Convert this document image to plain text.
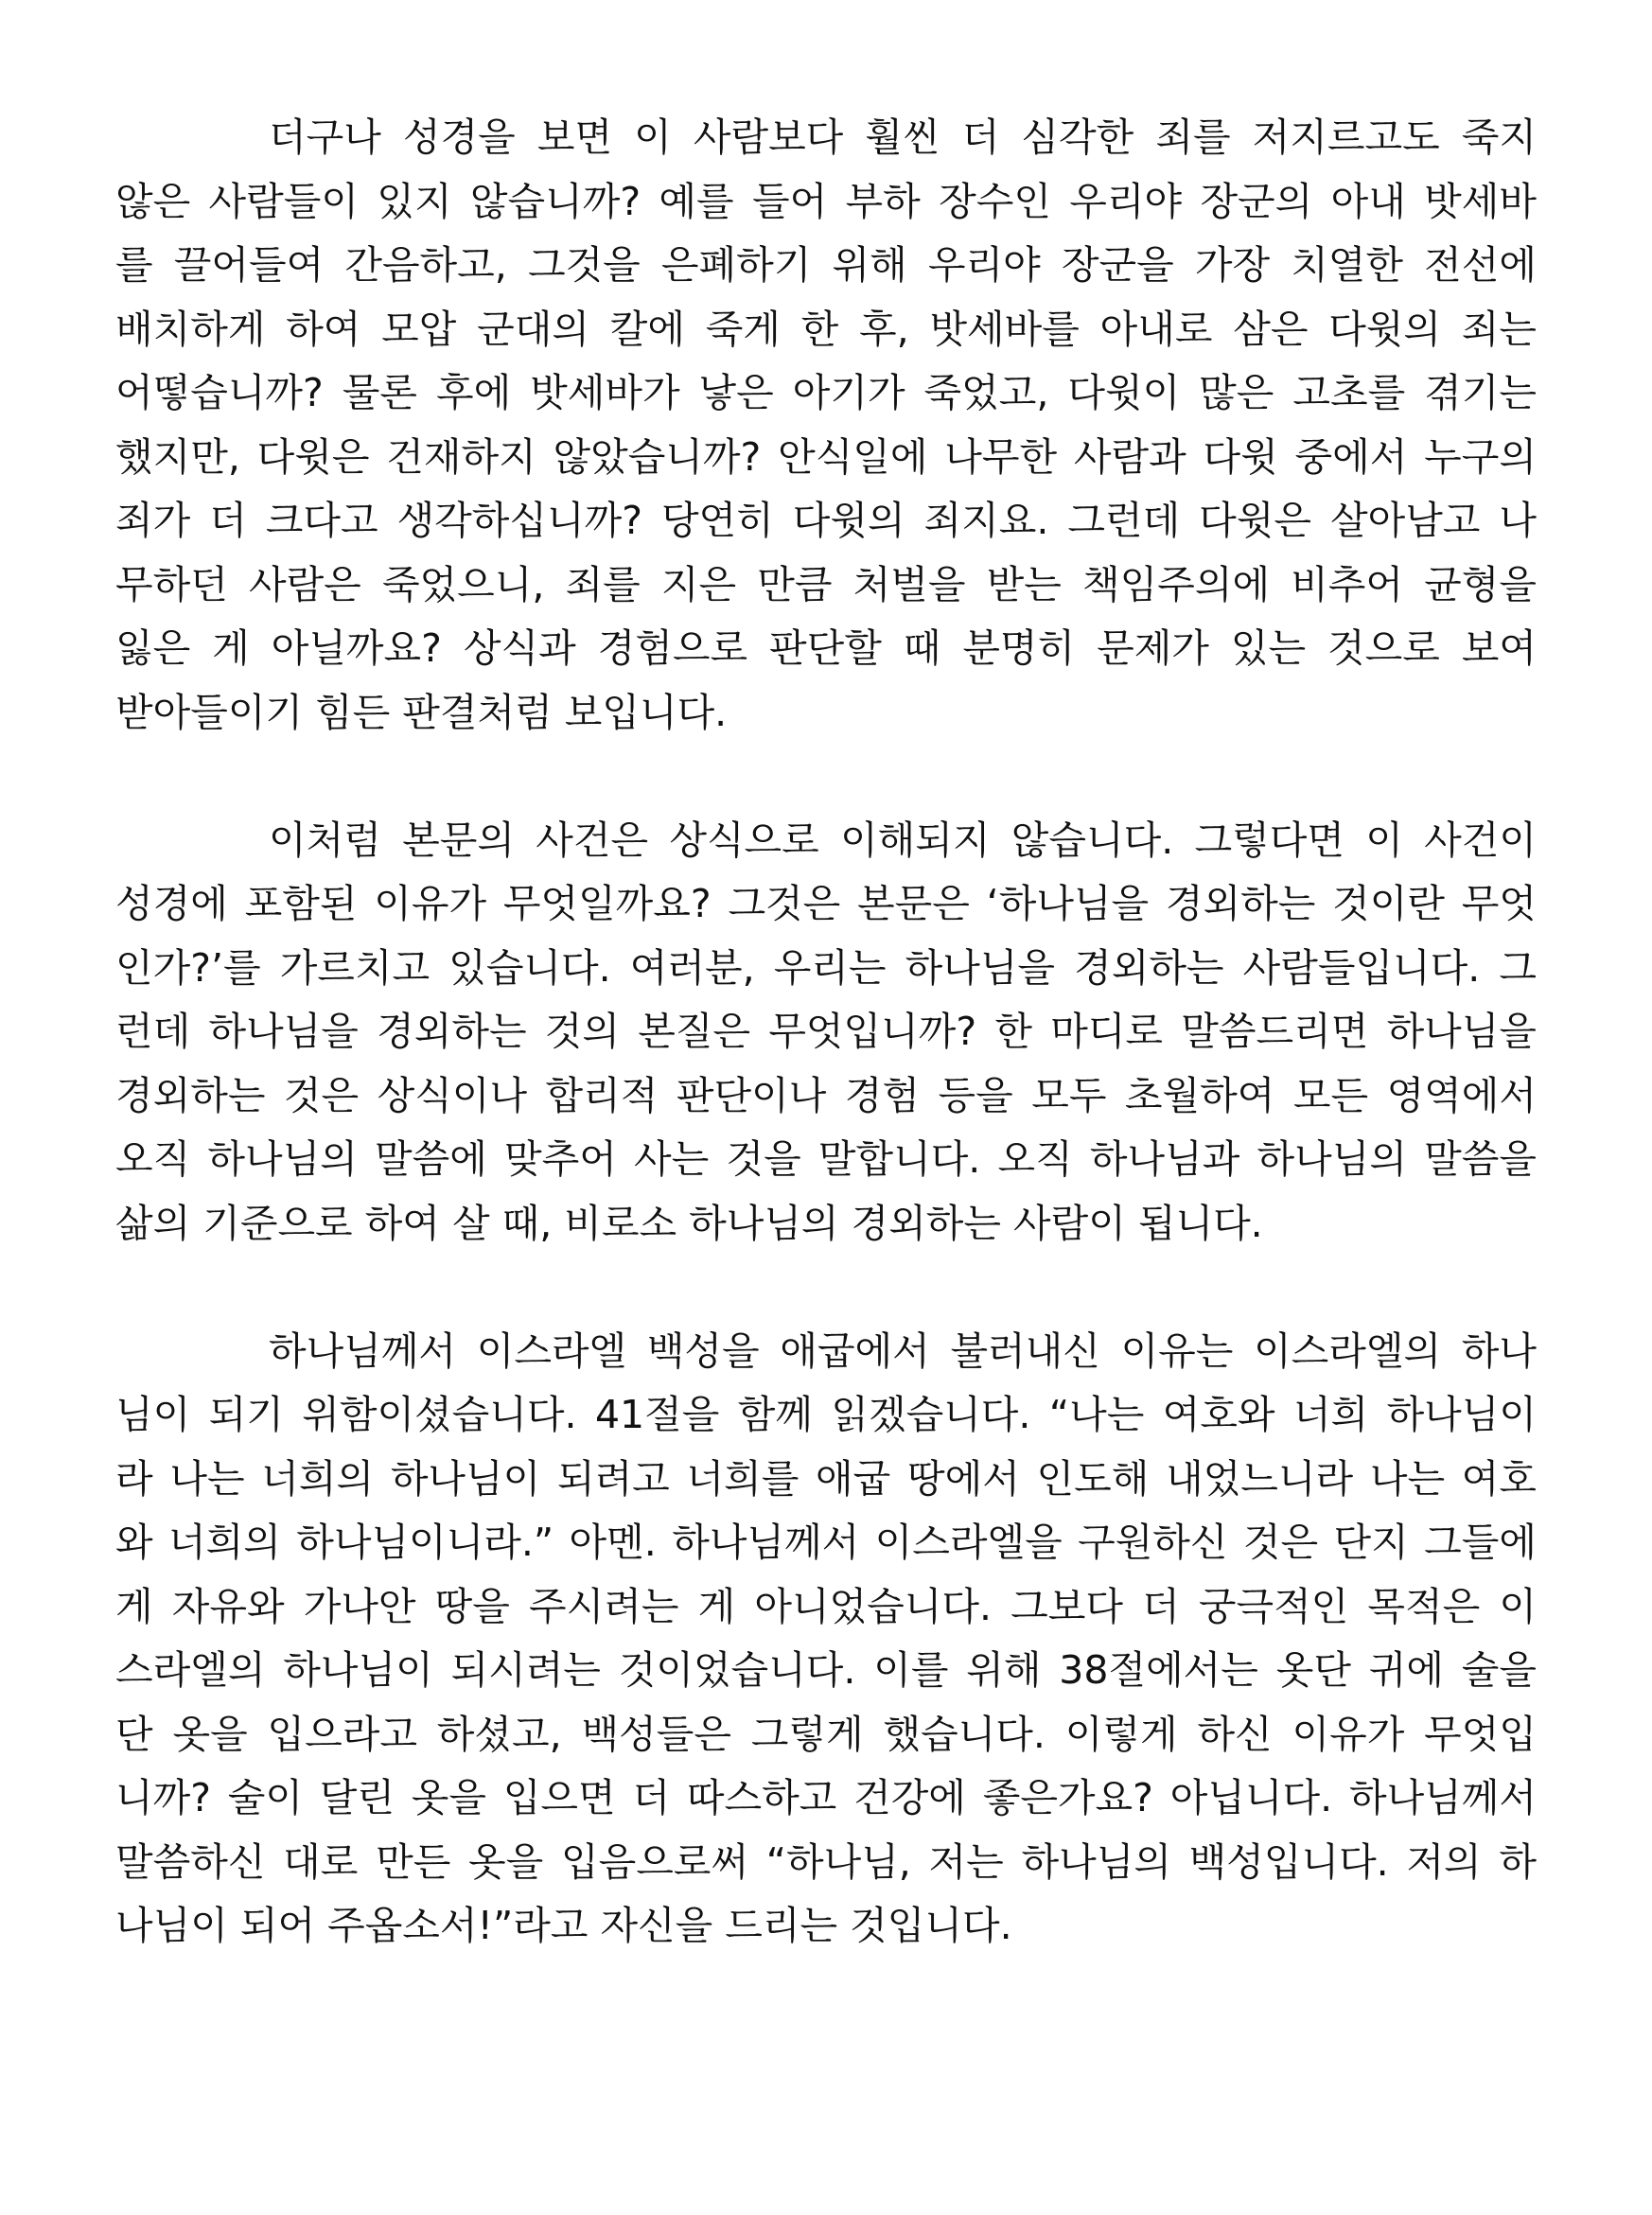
더구나 성경을 보면 이 사람보다 훨씬 더 심각한 죄를 저지르고도 죽지
않은 사람들이 있지 않습니까? 예를 들어 부하 장수인 우리야 장군의 아내 밧세바
를 끌어들여 간음하고, 그것을 은폐하기 위해 우리야 장군을 가장 치열한 전선에
배치하게 하여 모압 군대의 칼에 죽게 한 후, 밧세바를 아내로 삼은 다윗의 죄는
어떻습니까? 물론 후에 밧세바가 낳은 아기가 죽었고, 다윗이 많은 고초를 겪기는
했지만, 다윗은 건재하지 않았습니까? 안식일에 나무한 사람과 다윗 중에서 누구의
죄가 더 크다고 생각하십니까? 당연히 다윗의 죄지요. 그런데 다윗은 살아남고 나
무하던 사람은 죽었으니, 죄를 지은 만큼 처벌을 받는 책임주의에 비추어 균형을
잃은 게 아닐까요? 상식과 경험으로 판단할 때 분명히 문제가 있는 것으로 보여
받아들이기 힘든 판결처럼 보입니다.
이처럼 본문의 사건은 상식으로 이해되지 않습니다. 그렇다면 이 사건이
성경에 포함된 이유가 무엇일까요? 그것은 본문은 ‘하나님을 경외하는 것이란 무엇
인가?’를 가르치고 있습니다. 여러분, 우리는 하나님을 경외하는 사람들입니다. 그
런데 하나님을 경외하는 것의 본질은 무엇입니까? 한 마디로 말씀드리면 하나님을
경외하는 것은 상식이나 합리적 판단이나 경험 등을 모두 초월하여 모든 영역에서
오직 하나님의 말씀에 맞추어 사는 것을 말합니다. 오직 하나님과 하나님의 말씀을
삶의 기준으로 하여 살 때, 비로소 하나님의 경외하는 사람이 됩니다.
하나님께서 이스라엘 백성을 애굽에서 불러내신 이유는 이스라엘의 하나
님이 되기 위함이셨습니다. 41절을 함께 읽겠습니다. “나는 여호와 너희 하나님이
라 나는 너희의 하나님이 되려고 너희를 애굽 땅에서 인도해 내었느니라 나는 여호
와 너희의 하나님이니라.” 아멘. 하나님께서 이스라엘을 구원하신 것은 단지 그들에
게 자유와 가나안 땅을 주시려는 게 아니었습니다. 그보다 더 궁극적인 목적은 이
스라엘의 하나님이 되시려는 것이었습니다. 이를 위해 38절에서는 옷단 귀에 술을
단 옷을 입으라고 하셨고, 백성들은 그렇게 했습니다. 이렇게 하신 이유가 무엇입
니까? 술이 달린 옷을 입으면 더 따스하고 건강에 좋은가요? 아닙니다. 하나님께서
말씀하신 대로 만든 옷을 입음으로써 “하나님, 저는 하나님의 백성입니다. 저의 하
나님이 되어 주옵소서!”라고 자신을 드리는 것입니다.
